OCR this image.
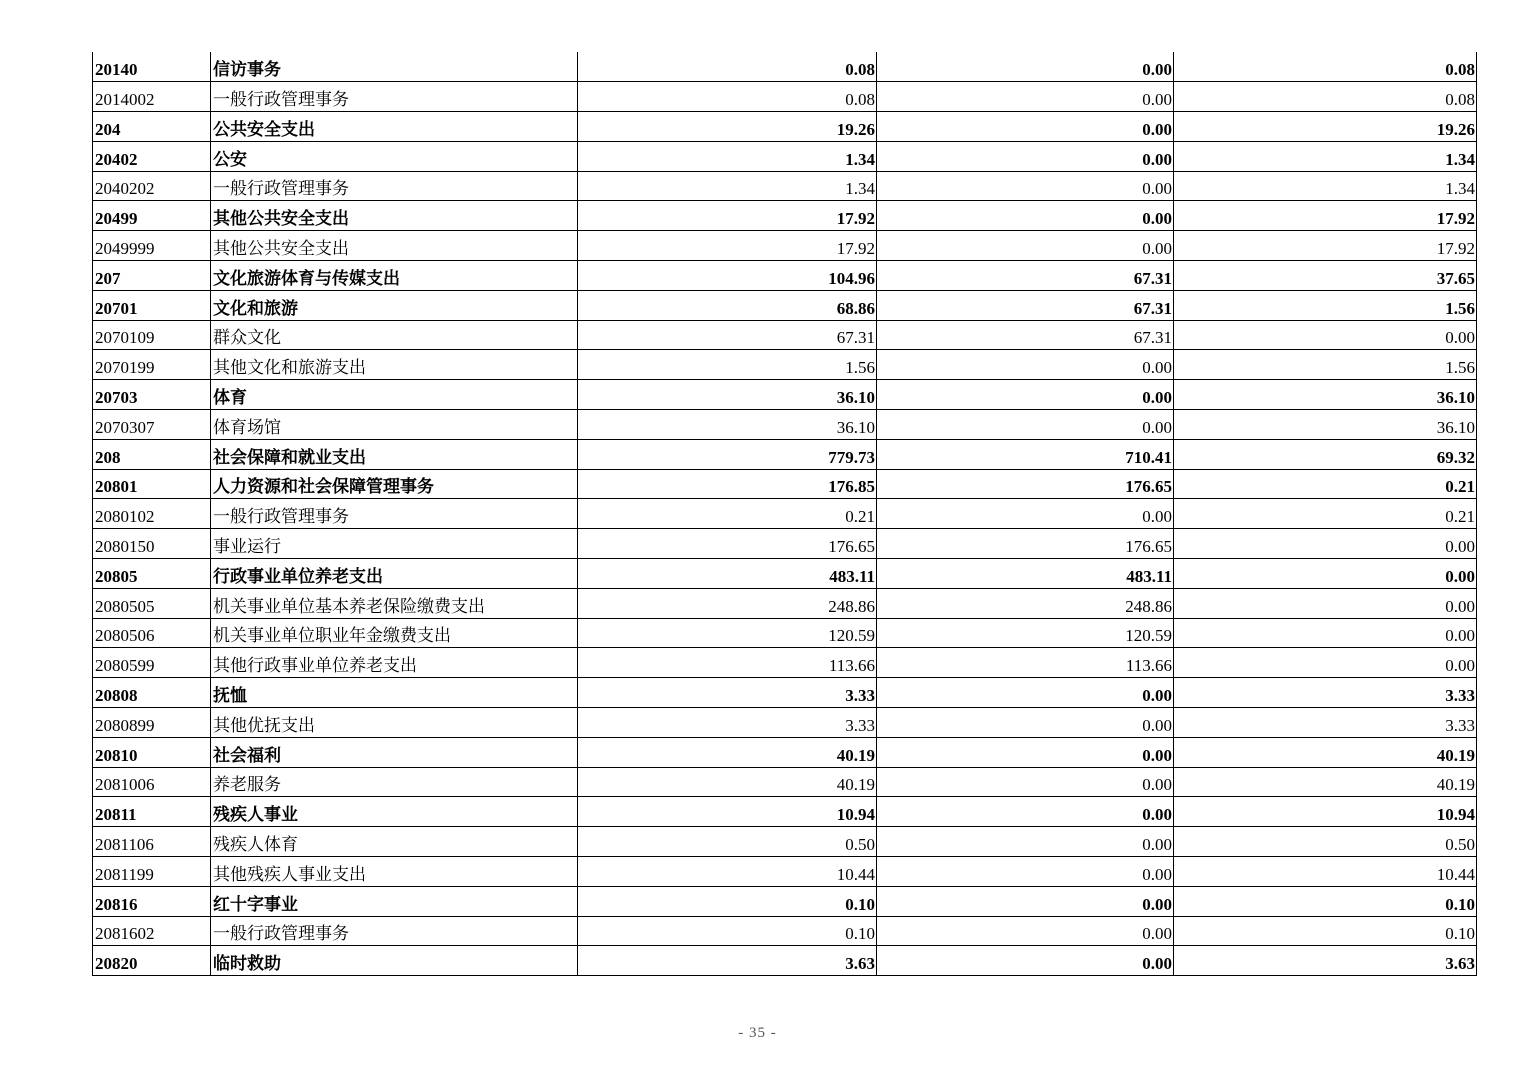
20140	信访事务	0.08	0.00	0.08
2014002	一般行政管理事务	0.08	0.00	0.08
204	公共安全支出	19.26	0.00	19.26
20402	公安	1.34	0.00	1.34
2040202	一般行政管理事务	1.34	0.00	1.34
20499	其他公共安全支出	17.92	0.00	17.92
2049999	其他公共安全支出	17.92	0.00	17.92
207	文化旅游体育与传媒支出	104.96	67.31	37.65
20701	文化和旅游	68.86	67.31	1.56
2070109	群众文化	67.31	67.31	0.00
2070199	其他文化和旅游支出	1.56	0.00	1.56
20703	体育	36.10	0.00	36.10
2070307	体育场馆	36.10	0.00	36.10
208	社会保障和就业支出	779.73	710.41	69.32
20801	人力资源和社会保障管理事务	176.85	176.65	0.21
2080102	一般行政管理事务	0.21	0.00	0.21
2080150	事业运行	176.65	176.65	0.00
20805	行政事业单位养老支出	483.11	483.11	0.00
2080505	机关事业单位基本养老保险缴费支出	248.86	248.86	0.00
2080506	机关事业单位职业年金缴费支出	120.59	120.59	0.00
2080599	其他行政事业单位养老支出	113.66	113.66	0.00
20808	抚恤	3.33	0.00	3.33
2080899	其他优抚支出	3.33	0.00	3.33
20810	社会福利	40.19	0.00	40.19
2081006	养老服务	40.19	0.00	40.19
20811	残疾人事业	10.94	0.00	10.94
2081106	残疾人体育	0.50	0.00	0.50
2081199	其他残疾人事业支出	10.44	0.00	10.44
20816	红十字事业	0.10	0.00	0.10
2081602	一般行政管理事务	0.10	0.00	0.10
20820	临时救助	3.63	0.00	3.63
- 35 -
